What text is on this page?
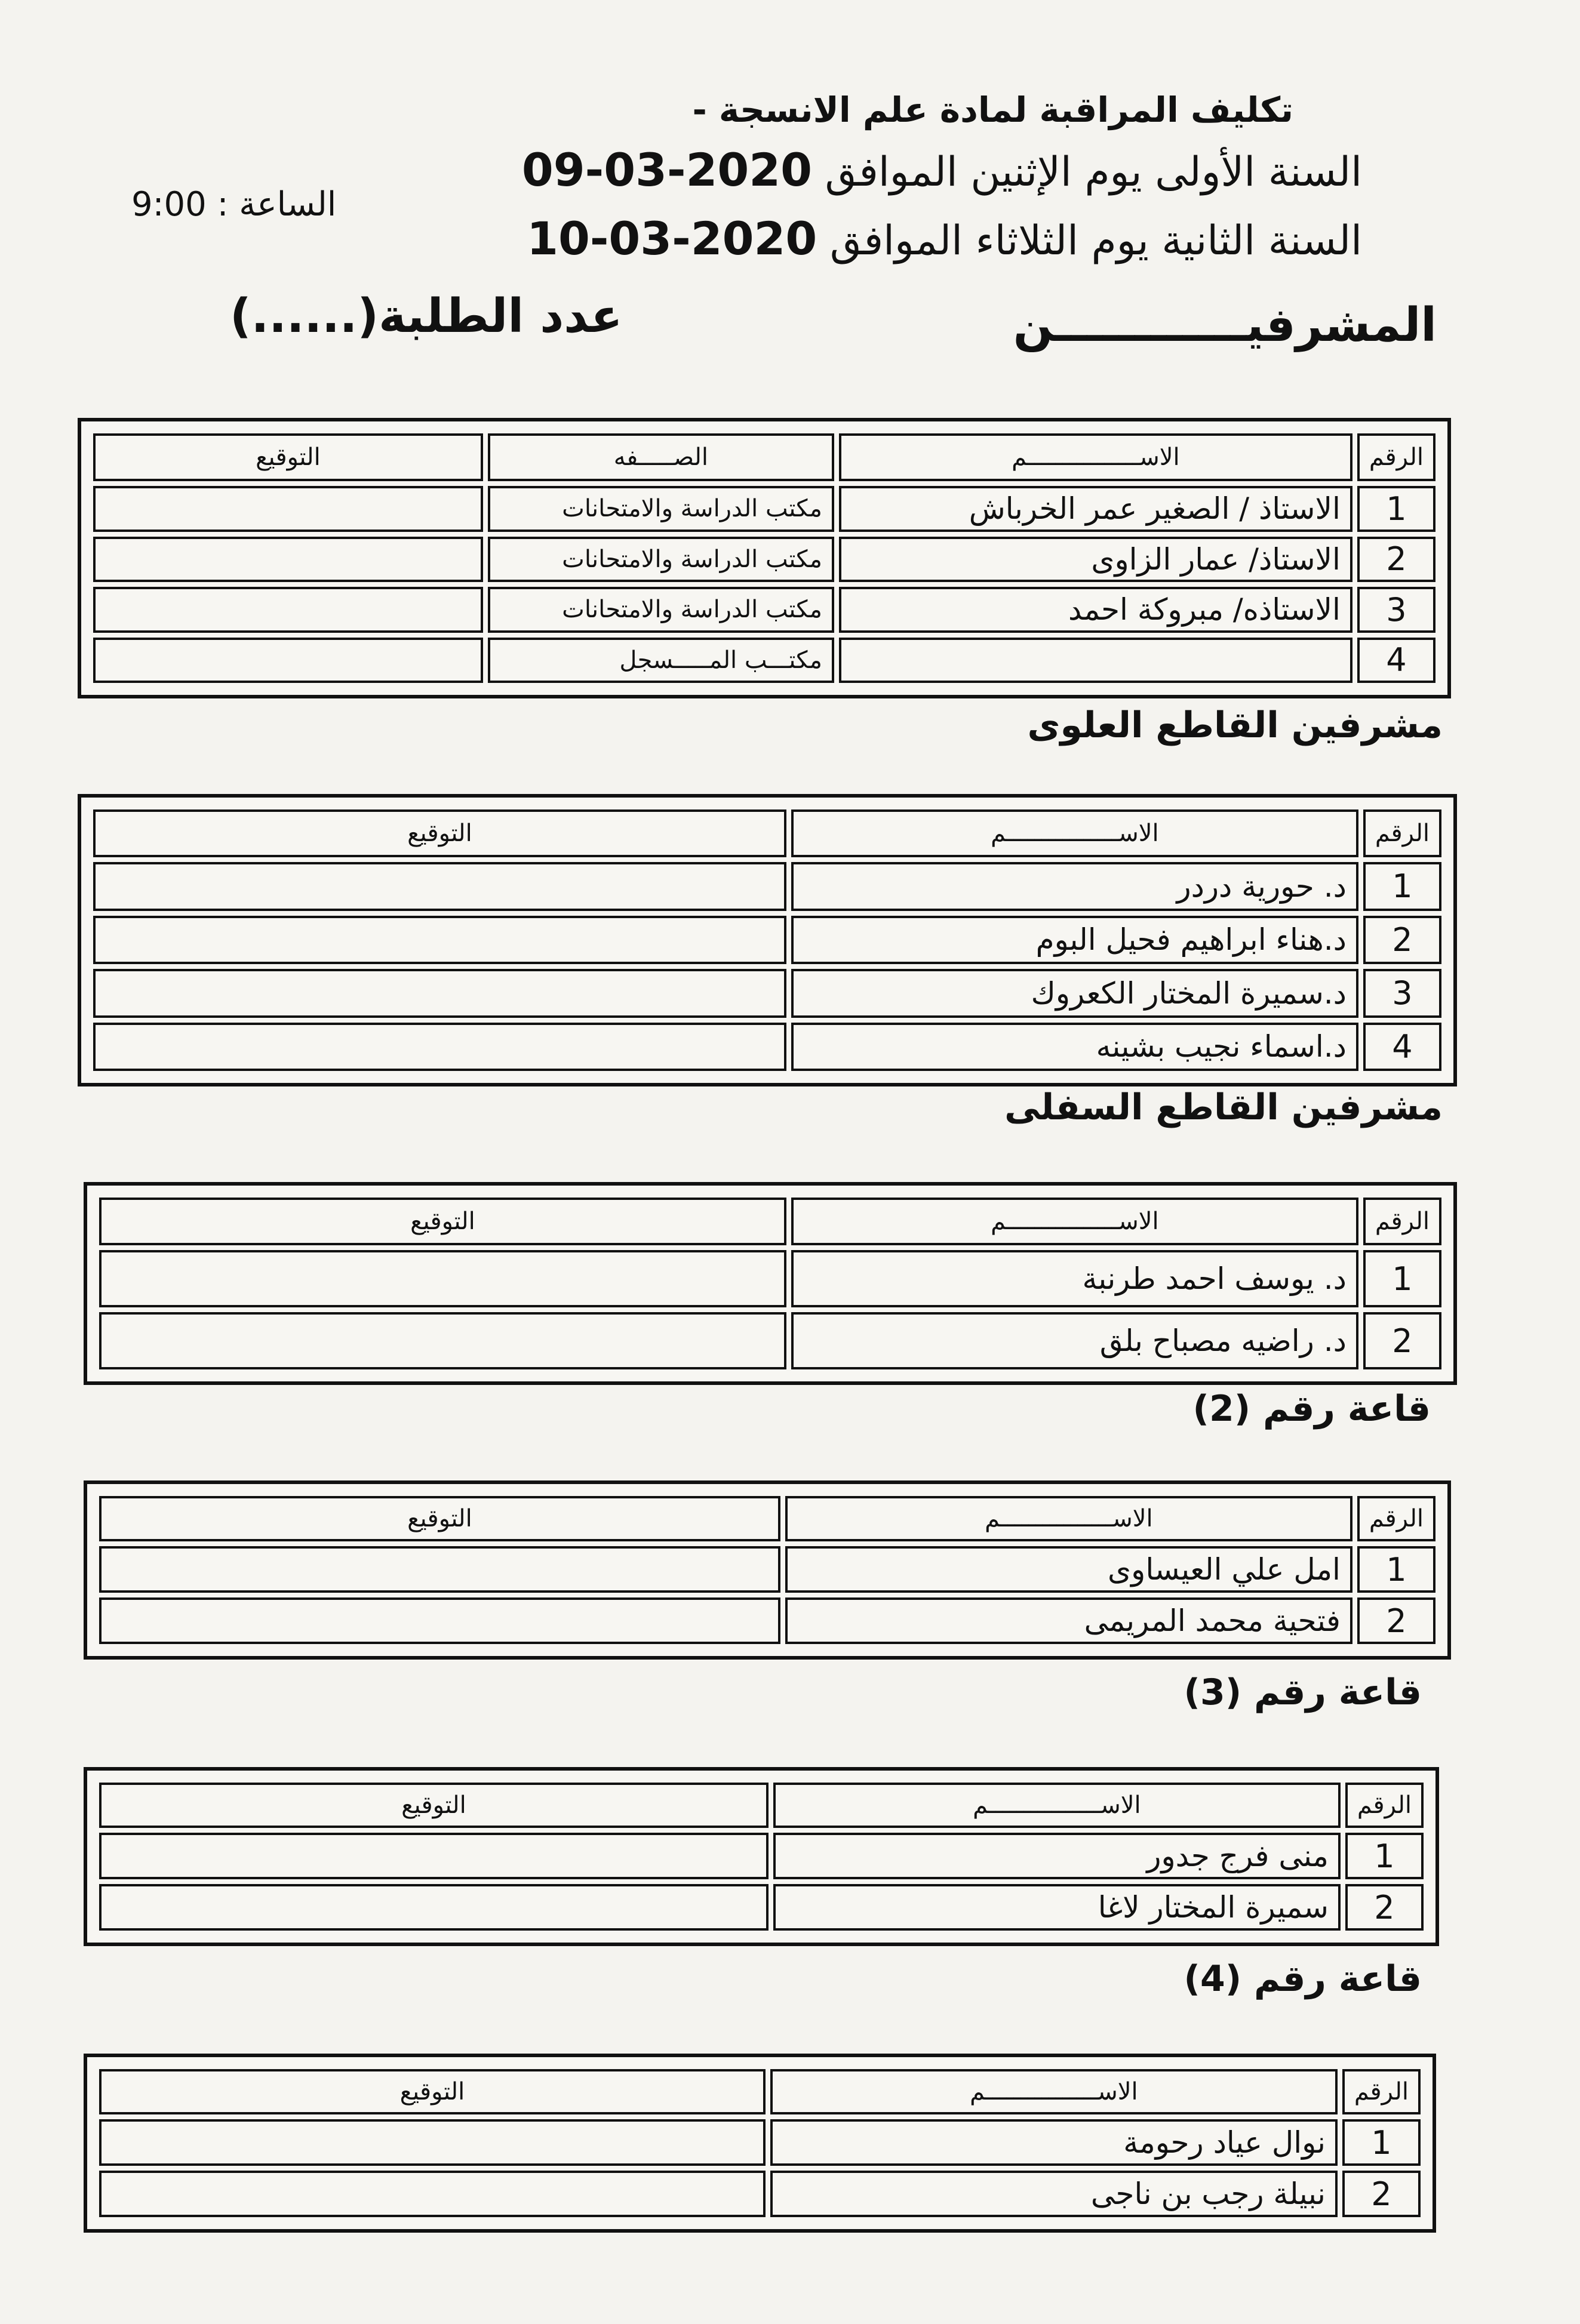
تكليف المراقبة لمادة علم الانسجة -
السنة الأولى يوم الإثنين الموافق 2020-03-09
السنة الثانية يوم الثلاثاء الموافق 2020-03-10
الساعة : 9:00
المشرفيــــــــــــن
عدد الطلبة(......)
الرقم	الاســــــــــــــــم	الصـــــفه	التوقيع
1	الاستاذ / الصغير عمر الخرباش	مكتب الدراسة والامتحانات	
2	الاستاذ/ عمار الزاوى	مكتب الدراسة والامتحانات	
3	الاستاذه/ مبروكة احمد	مكتب الدراسة والامتحانات	
4		مكتـــب المـــــسجل	
مشرفين القاطع العلوى
الرقم	الاســــــــــــــــم	التوقيع
1	د. حورية دردر	
2	د.هناء ابراهيم فحيل البوم	
3	د.سميرة المختار الكعروك	
4	د.اسماء نجيب بشينه	
مشرفين القاطع السفلى
الرقم	الاســــــــــــــــم	التوقيع
1	د. يوسف احمد طرنبة	
2	د. راضيه مصباح بلق	
قاعة رقم (2)
الرقم	الاســــــــــــــــم	التوقيع
1	امل علي العيساوى	
2	فتحية محمد المريمى	
قاعة رقم (3)
الرقم	الاســــــــــــــــم	التوقيع
1	منى فرج جدور	
2	سميرة المختار لاغا	
قاعة رقم (4)
الرقم	الاســــــــــــــــم	التوقيع
1	نوال عياد رحومة	
2	نبيلة رجب بن ناجى	
